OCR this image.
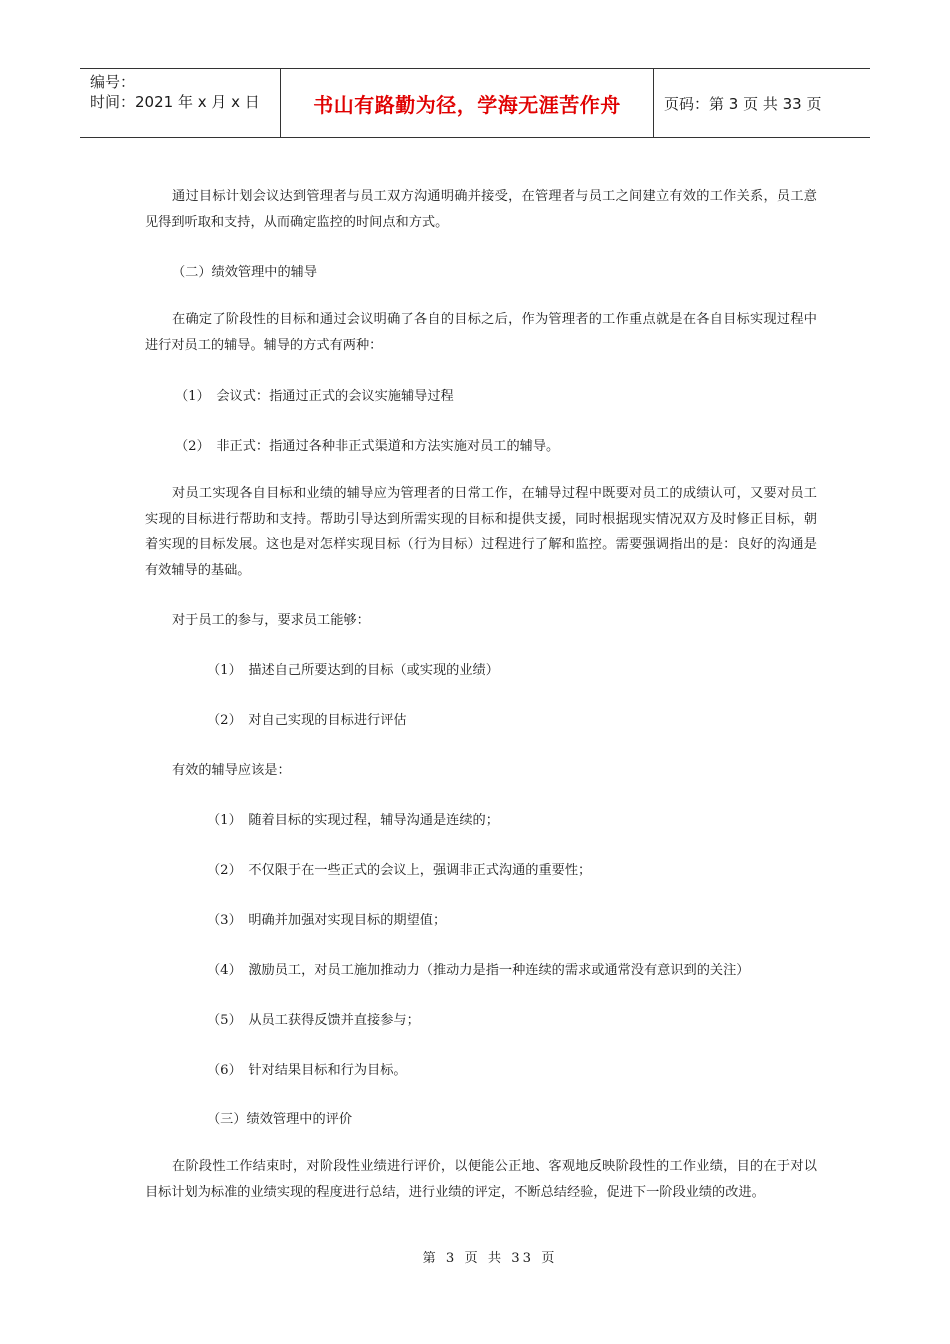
编号：
时间：2021 年 x 月 x 日	书山有路勤为径，学海无涯苦作舟	页码：第 3 页 共 33 页
通过目标计划会议达到管理者与员工双方沟通明确并接受，在管理者与员工之间建立有效的工作关系，员工意见得到听取和支持，从而确定监控的时间点和方式。
（二）绩效管理中的辅导
在确定了阶段性的目标和通过会议明确了各自的目标之后，作为管理者的工作重点就是在各自目标实现过程中进行对员工的辅导。辅导的方式有两种：
（1）　会议式：指通过正式的会议实施辅导过程
（2）　非正式：指通过各种非正式渠道和方法实施对员工的辅导。
对员工实现各自目标和业绩的辅导应为管理者的日常工作，在辅导过程中既要对员工的成绩认可，又要对员工实现的目标进行帮助和支持。帮助引导达到所需实现的目标和提供支援，同时根据现实情况双方及时修正目标，朝着实现的目标发展。这也是对怎样实现目标（行为目标）过程进行了解和监控。需要强调指出的是：良好的沟通是有效辅导的基础。
对于员工的参与，要求员工能够：
（1）　描述自己所要达到的目标（或实现的业绩）
（2）　对自己实现的目标进行评估
有效的辅导应该是：
（1）　随着目标的实现过程，辅导沟通是连续的；
（2）　不仅限于在一些正式的会议上，强调非正式沟通的重要性；
（3）　明确并加强对实现目标的期望值；
（4）　激励员工，对员工施加推动力（推动力是指一种连续的需求或通常没有意识到的关注）
（5）　从员工获得反馈并直接参与；
（6）　针对结果目标和行为目标。
（三）绩效管理中的评价
在阶段性工作结束时，对阶段性业绩进行评价，以便能公正地、客观地反映阶段性的工作业绩，目的在于对以目标计划为标准的业绩实现的程度进行总结，进行业绩的评定，不断总结经验，促进下一阶段业绩的改进。
第 3 页 共 33 页
